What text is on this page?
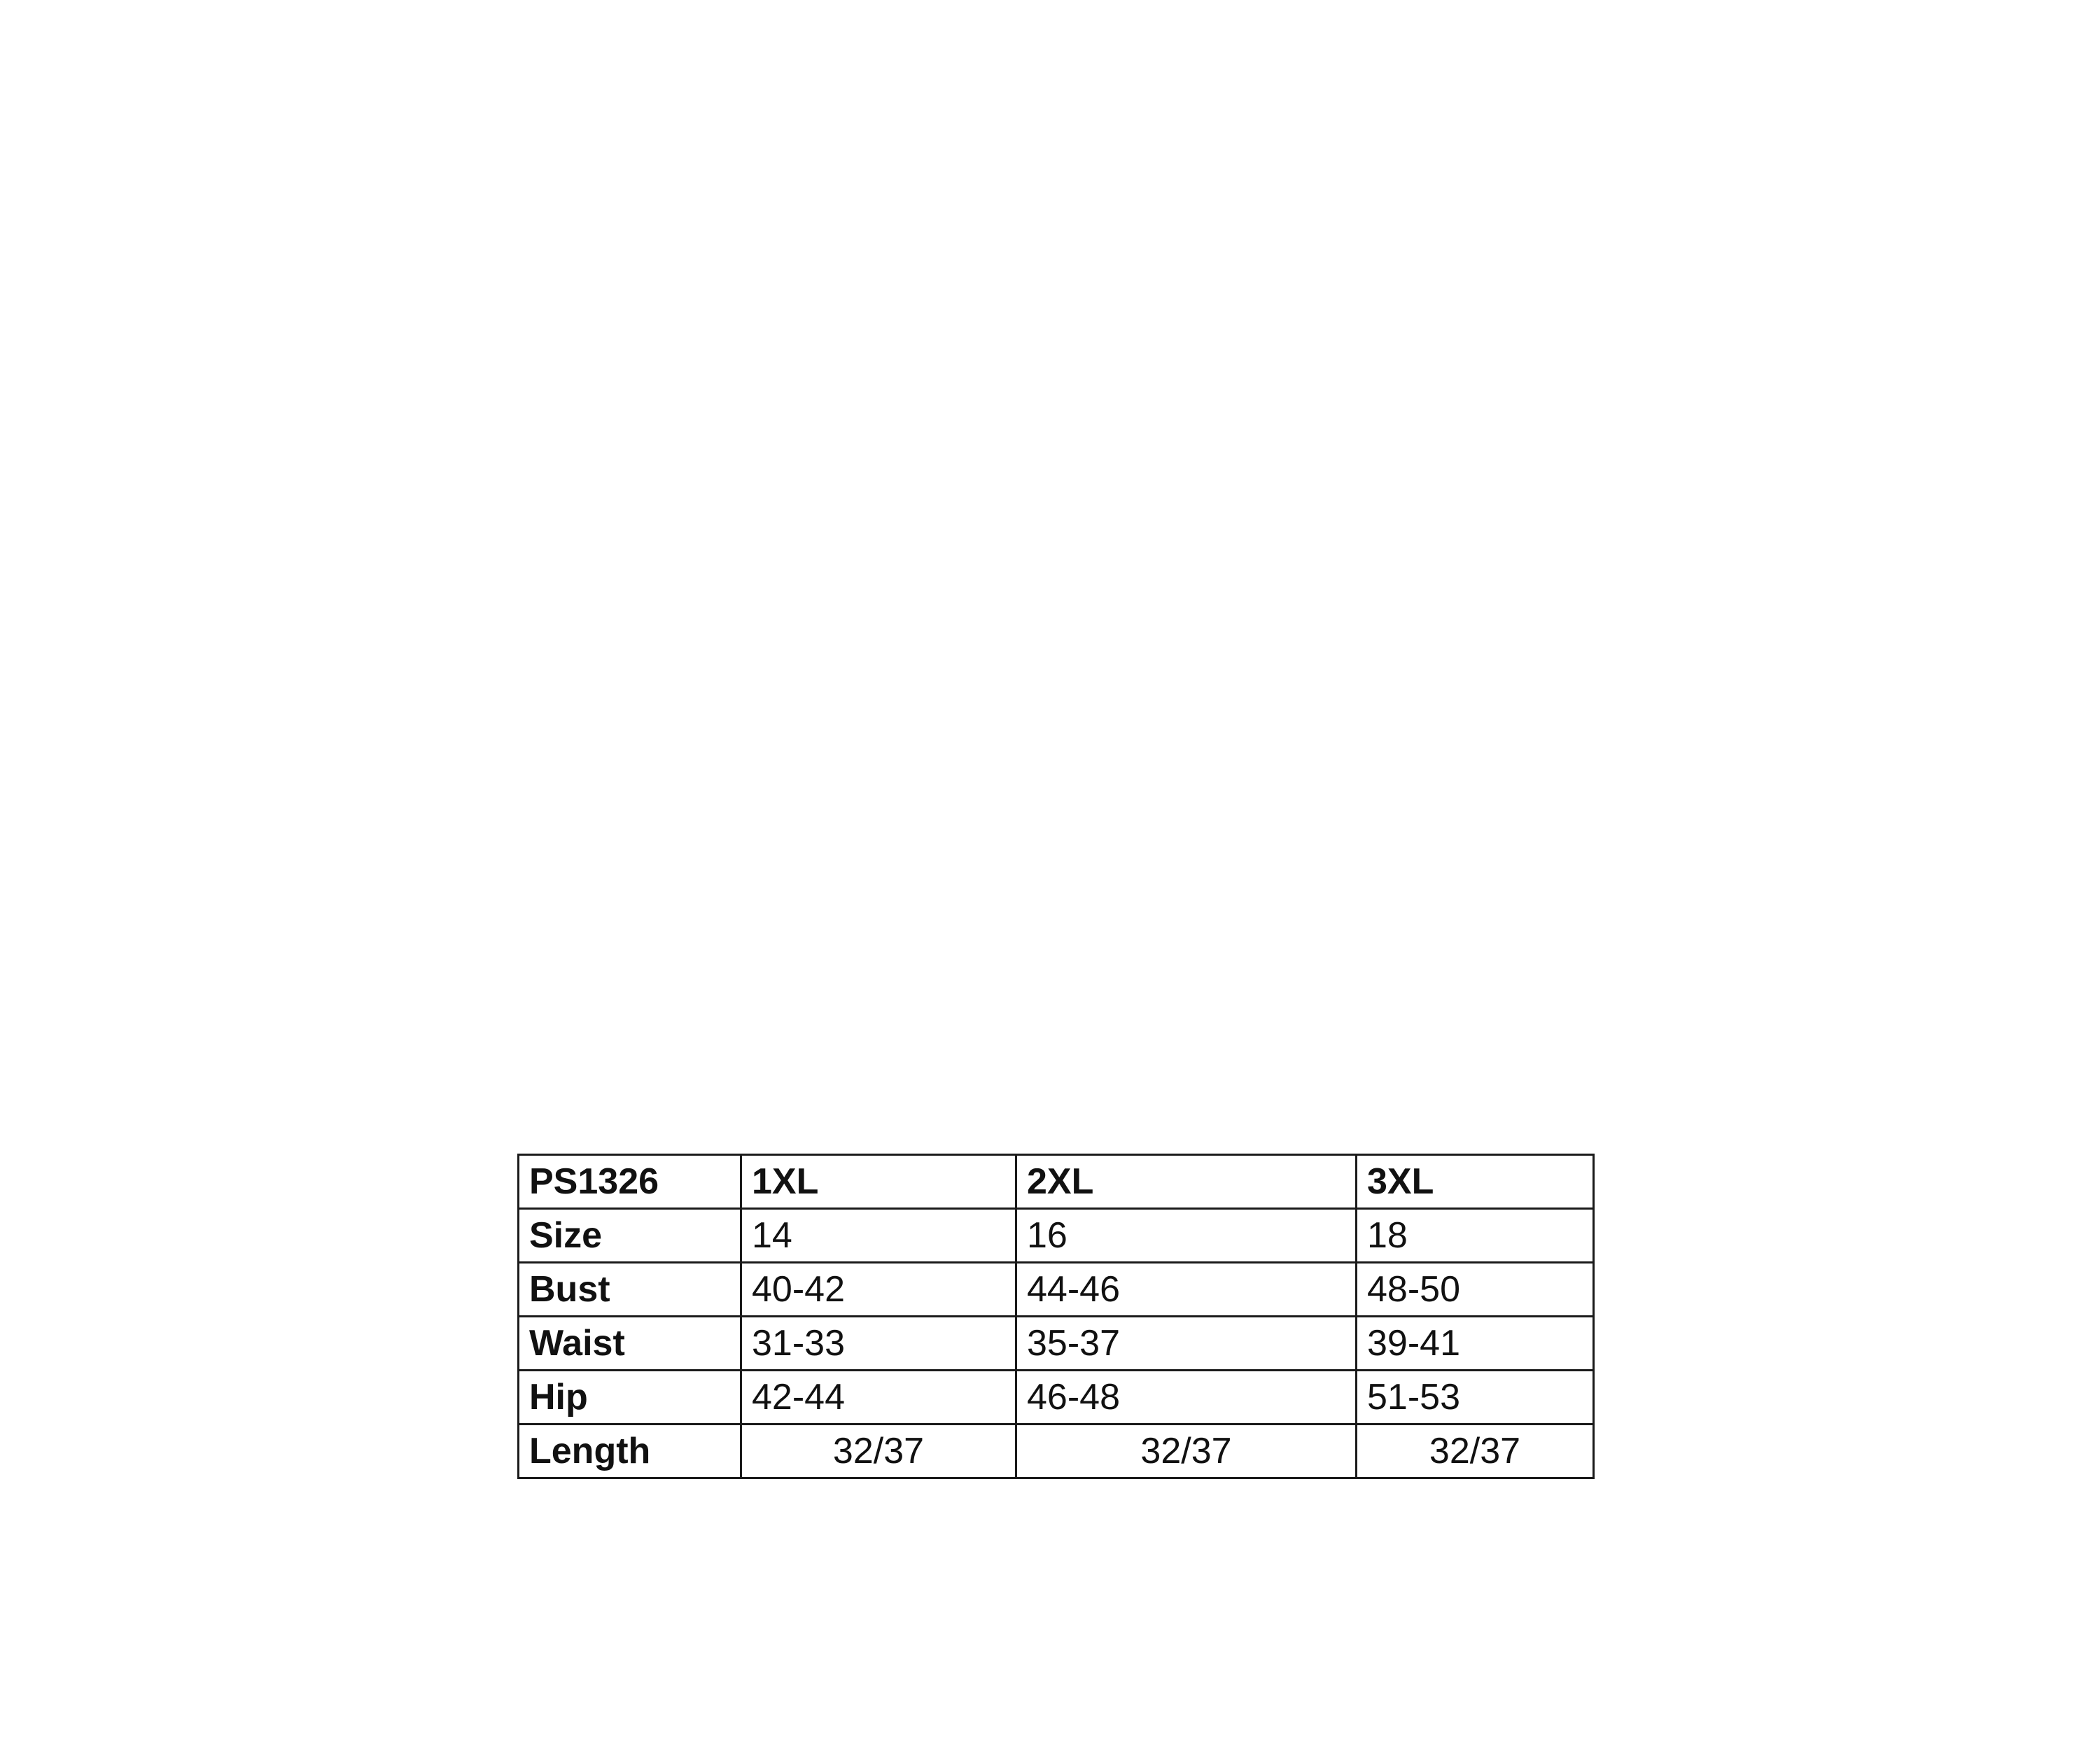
PS1326	1XL	2XL	3XL
Size	14	16	18
Bust	40-42	44-46	48-50
Waist	31-33	35-37	39-41
Hip	42-44	46-48	51-53
Length	32/37	32/37	32/37
